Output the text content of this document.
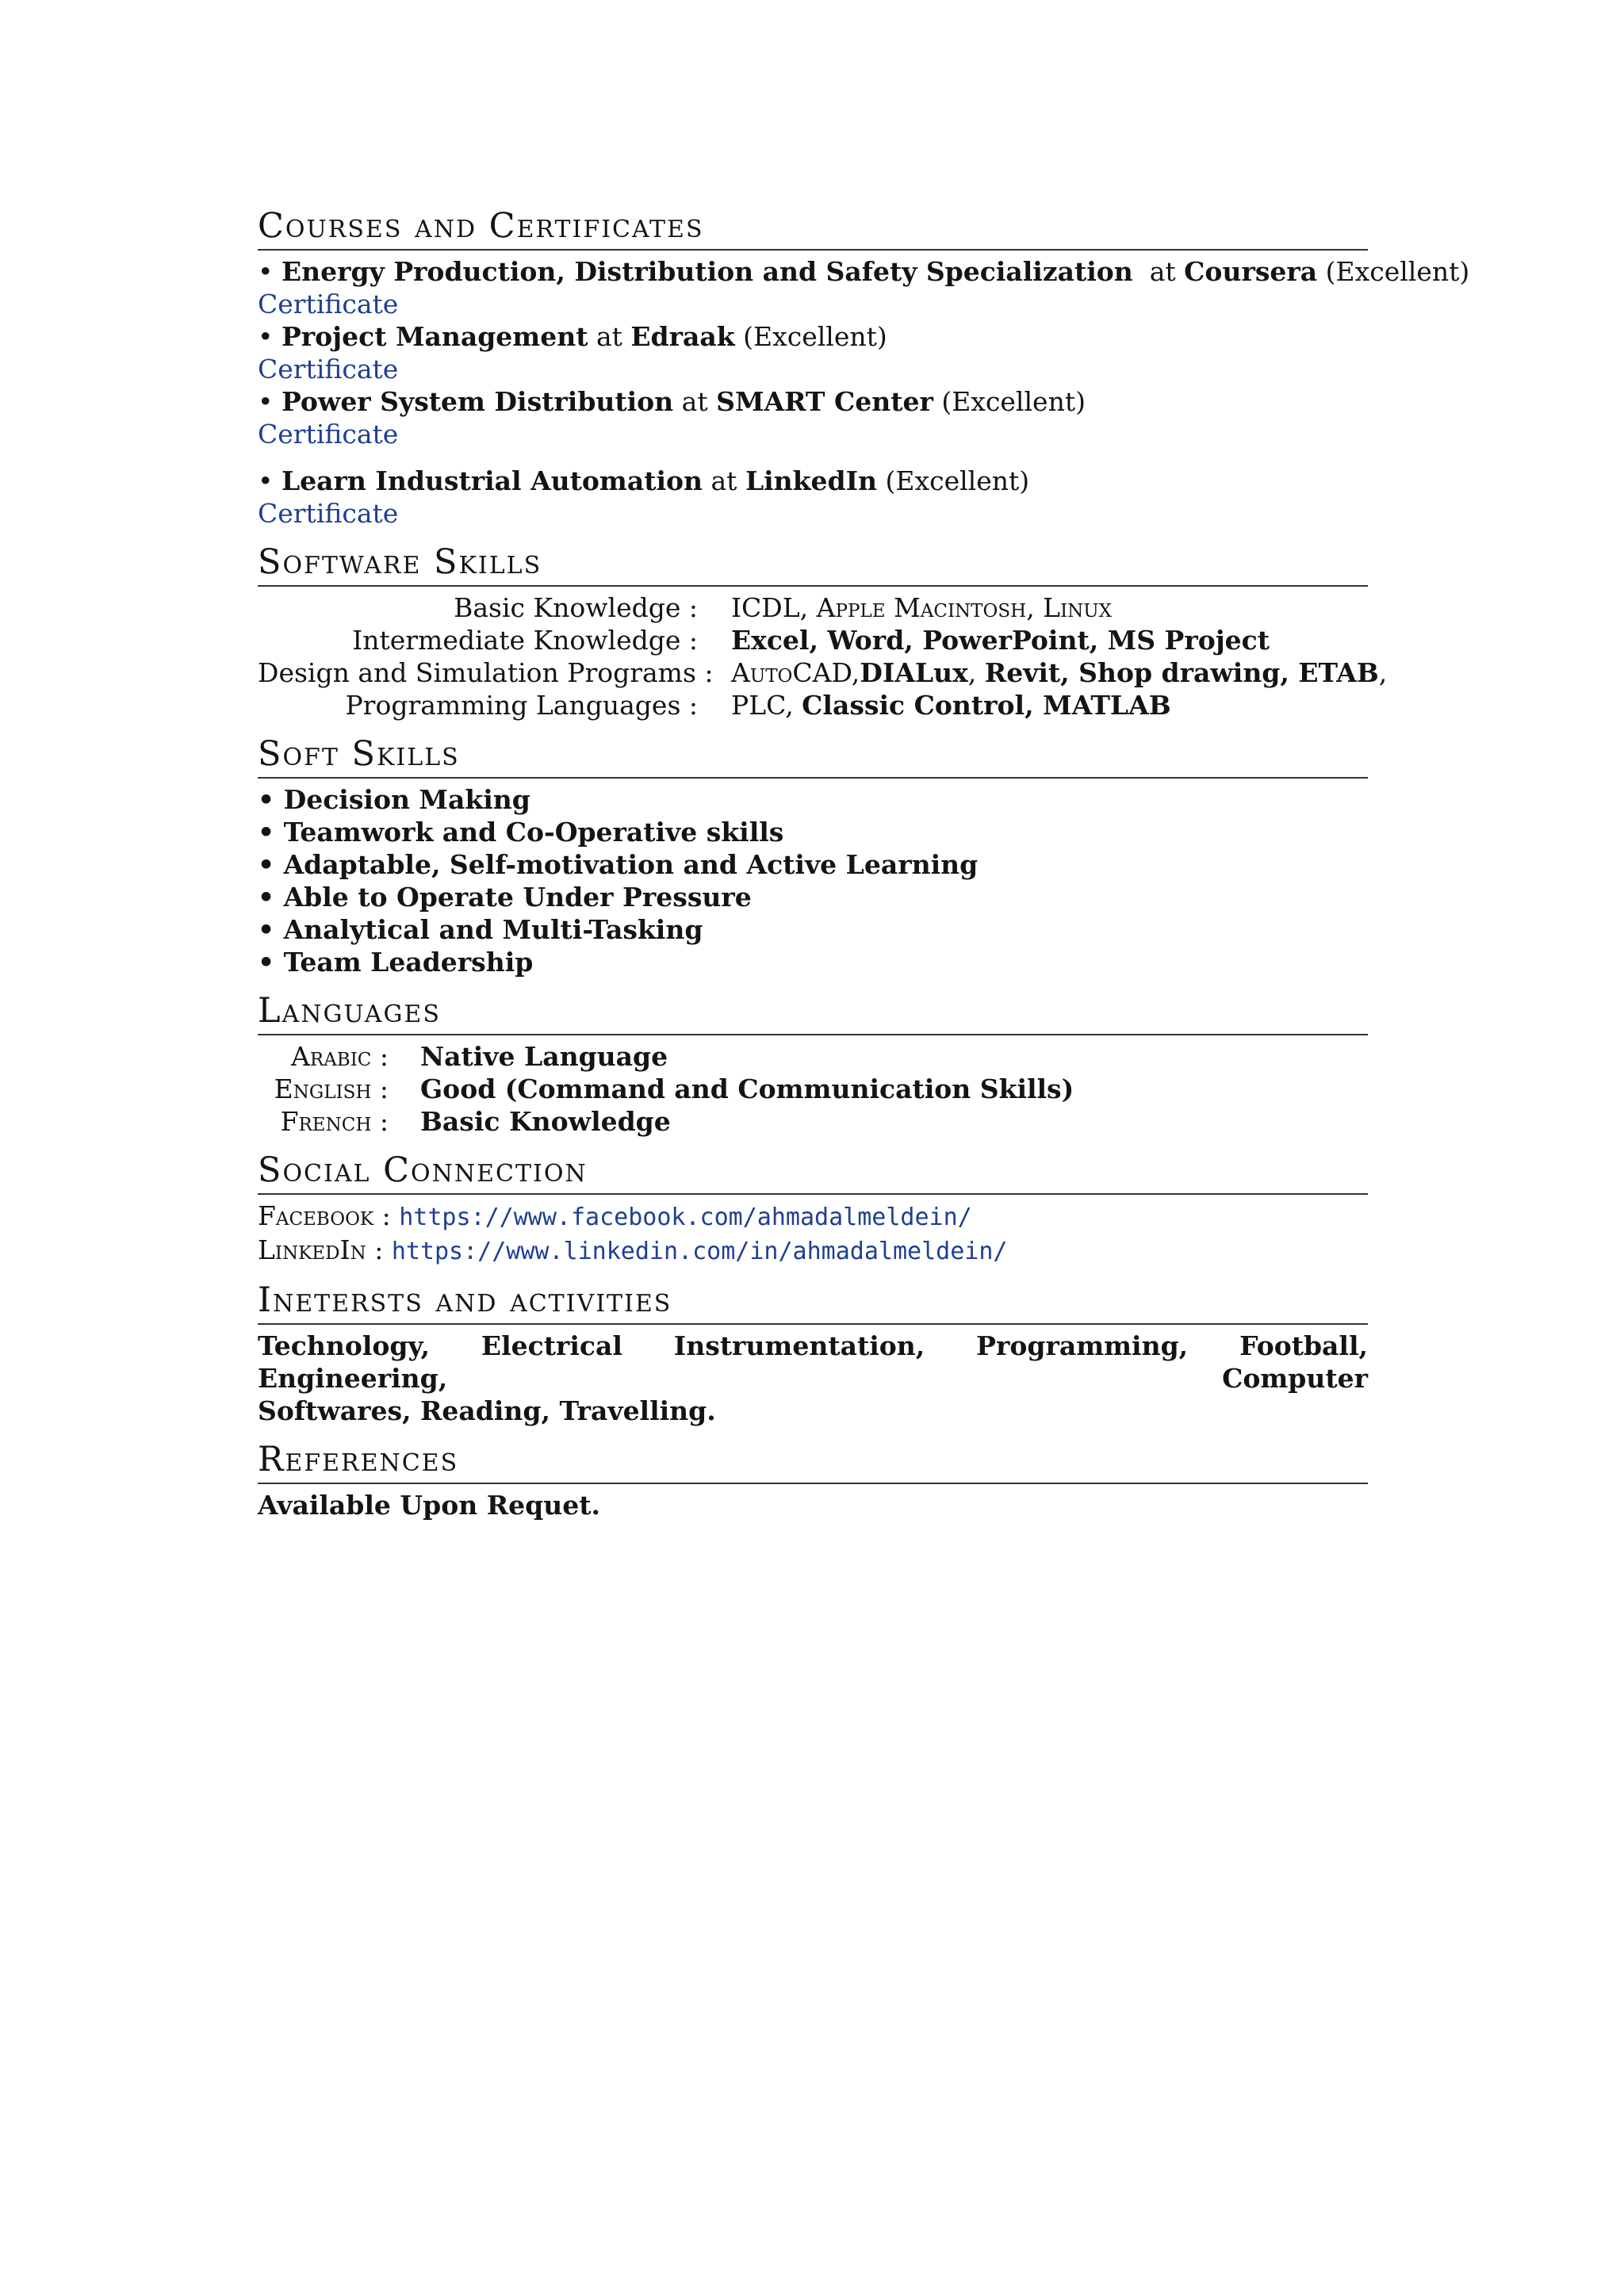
Courses and Certificates
• Energy Production, Distribution and Safety Specialization at Coursera (Excellent)
Certificate
• Project Management at Edraak (Excellent)
Certificate
• Power System Distribution at SMART Center (Excellent)
Certificate
• Learn Industrial Automation at LinkedIn (Excellent)
Certificate
Software Skills
Basic Knowledge : ICDL, Apple Macintosh, Linux
Intermediate Knowledge : Excel, Word, PowerPoint, MS Project
Design and Simulation Programs : AutoCAD,DIALux, Revit, Shop drawing, ETAB,
Programming Languages : PLC, Classic Control, MATLAB
Soft Skills
• Decision Making
• Teamwork and Co-Operative skills
• Adaptable, Self-motivation and Active Learning
• Able to Operate Under Pressure
• Analytical and Multi-Tasking
• Team Leadership
Languages
Arabic : Native Language
English : Good (Command and Communication Skills)
French : Basic Knowledge
Social Connection
Facebook : https://www.facebook.com/ahmadalmeldein/
LinkedIn : https://www.linkedin.com/in/ahmadalmeldein/
Inetersts and activities
Technology, Electrical Instrumentation, Programming, Football, Engineering, Computer
Softwares, Reading, Travelling.
References
Available Upon Requet.
